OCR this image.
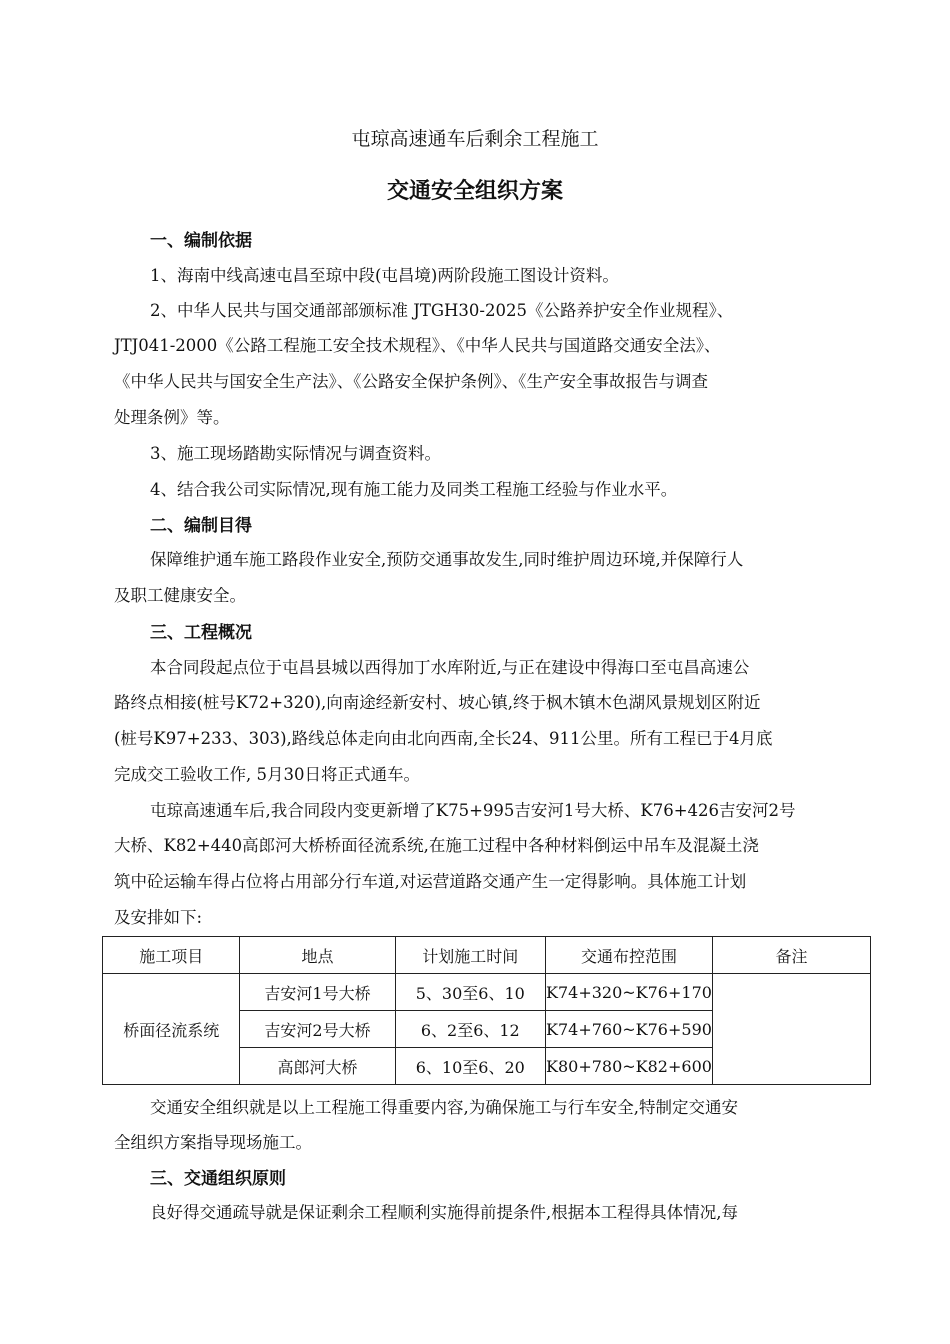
屯琼高速通车后剩余工程施工
交通安全组织方案
一、编制依据
1、海南中线高速屯昌至琼中段(屯昌境)两阶段施工图设计资料。
2、中华人民共与国交通部部颁标准 JTGH30-2025《公路养护安全作业规程》、
JTJ041-2000《公路工程施工安全技术规程》、《中华人民共与国道路交通安全法》、
《中华人民共与国安全生产法》、《公路安全保护条例》、《生产安全事故报告与调查
处理条例》等。
3、施工现场踏勘实际情况与调查资料。
4、结合我公司实际情况,现有施工能力及同类工程施工经验与作业水平。
二、编制目得
保障维护通车施工路段作业安全,预防交通事故发生,同时维护周边环境,并保障行人
及职工健康安全。
三、工程概况
本合同段起点位于屯昌县城以西得加丁水库附近,与正在建设中得海口至屯昌高速公
路终点相接(桩号K72+320),向南途经新安村、坡心镇,终于枫木镇木色湖风景规划区附近
(桩号K97+233、303),路线总体走向由北向西南,全长24、911公里。所有工程已于4月底
完成交工验收工作, 5月30日将正式通车。
屯琼高速通车后,我合同段内变更新增了K75+995吉安河1号大桥、K76+426吉安河2号
大桥、K82+440高郎河大桥桥面径流系统,在施工过程中各种材料倒运中吊车及混凝土浇
筑中砼运输车得占位将占用部分行车道,对运营道路交通产生一定得影响。具体施工计划
及安排如下:
施工项目	地点	计划施工时间	交通布控范围	备注
桥面径流系统	吉安河1号大桥	5、30至6、10	K74+320~K76+170	
	吉安河2号大桥	6、2至6、12	K74+760~K76+590	
	高郎河大桥	6、10至6、20	K80+780~K82+600	
交通安全组织就是以上工程施工得重要内容,为确保施工与行车安全,特制定交通安
全组织方案指导现场施工。
三、交通组织原则
良好得交通疏导就是保证剩余工程顺利实施得前提条件,根据本工程得具体情况,每
